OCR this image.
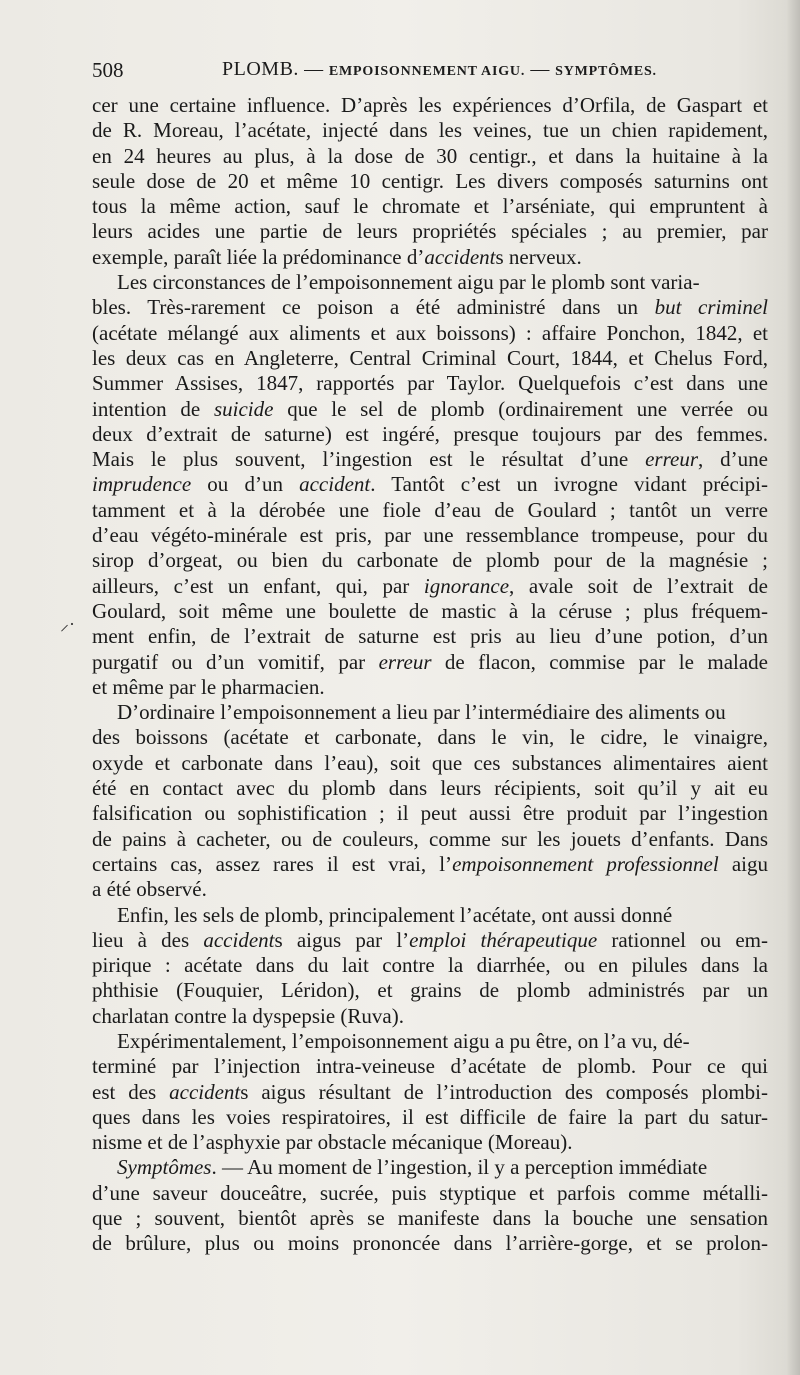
508	PLOMB. — EMPOISONNEMENT AIGU. — SYMPTÔMES.
⸝·
cer une certaine influence. D’après les expériences d’Orfila, de Gaspart et
de R. Moreau, l’acétate, injecté dans les veines, tue un chien rapidement,
en 24 heures au plus, à la dose de 30 centigr., et dans la huitaine à la
seule dose de 20 et même 10 centigr. Les divers composés saturnins ont
tous la même action, sauf le chromate et l’arséniate, qui empruntent à
leurs acides une partie de leurs propriétés spéciales ; au premier, par
exemple, paraît liée la prédominance d’accidents nerveux.
Les circonstances de l’empoisonnement aigu par le plomb sont varia-
bles. Très-rarement ce poison a été administré dans un but criminel
(acétate mélangé aux aliments et aux boissons) : affaire Ponchon, 1842, et
les deux cas en Angleterre, Central Criminal Court, 1844, et Chelus Ford,
Summer Assises, 1847, rapportés par Taylor. Quelquefois c’est dans une
intention de suicide que le sel de plomb (ordinairement une verrée ou
deux d’extrait de saturne) est ingéré, presque toujours par des femmes.
Mais le plus souvent, l’ingestion est le résultat d’une erreur, d’une
imprudence ou d’un accident. Tantôt c’est un ivrogne vidant précipi-
tamment et à la dérobée une fiole d’eau de Goulard ; tantôt un verre
d’eau végéto-minérale est pris, par une ressemblance trompeuse, pour du
sirop d’orgeat, ou bien du carbonate de plomb pour de la magnésie ;
ailleurs, c’est un enfant, qui, par ignorance, avale soit de l’extrait de
Goulard, soit même une boulette de mastic à la céruse ; plus fréquem-
ment enfin, de l’extrait de saturne est pris au lieu d’une potion, d’un
purgatif ou d’un vomitif, par erreur de flacon, commise par le malade
et même par le pharmacien.
D’ordinaire l’empoisonnement a lieu par l’intermédiaire des aliments ou
des boissons (acétate et carbonate, dans le vin, le cidre, le vinaigre,
oxyde et carbonate dans l’eau), soit que ces substances alimentaires aient
été en contact avec du plomb dans leurs récipients, soit qu’il y ait eu
falsification ou sophistification ; il peut aussi être produit par l’ingestion
de pains à cacheter, ou de couleurs, comme sur les jouets d’enfants. Dans
certains cas, assez rares il est vrai, l’empoisonnement professionnel aigu
a été observé.
Enfin, les sels de plomb, principalement l’acétate, ont aussi donné
lieu à des accidents aigus par l’emploi thérapeutique rationnel ou em-
pirique : acétate dans du lait contre la diarrhée, ou en pilules dans la
phthisie (Fouquier, Léridon), et grains de plomb administrés par un
charlatan contre la dyspepsie (Ruva).
Expérimentalement, l’empoisonnement aigu a pu être, on l’a vu, dé-
terminé par l’injection intra-veineuse d’acétate de plomb. Pour ce qui
est des accidents aigus résultant de l’introduction des composés plombi-
ques dans les voies respiratoires, il est difficile de faire la part du satur-
nisme et de l’asphyxie par obstacle mécanique (Moreau).
Symptômes. — Au moment de l’ingestion, il y a perception immédiate
d’une saveur douceâtre, sucrée, puis styptique et parfois comme métalli-
que ; souvent, bientôt après se manifeste dans la bouche une sensation
de brûlure, plus ou moins prononcée dans l’arrière-gorge, et se prolon-
